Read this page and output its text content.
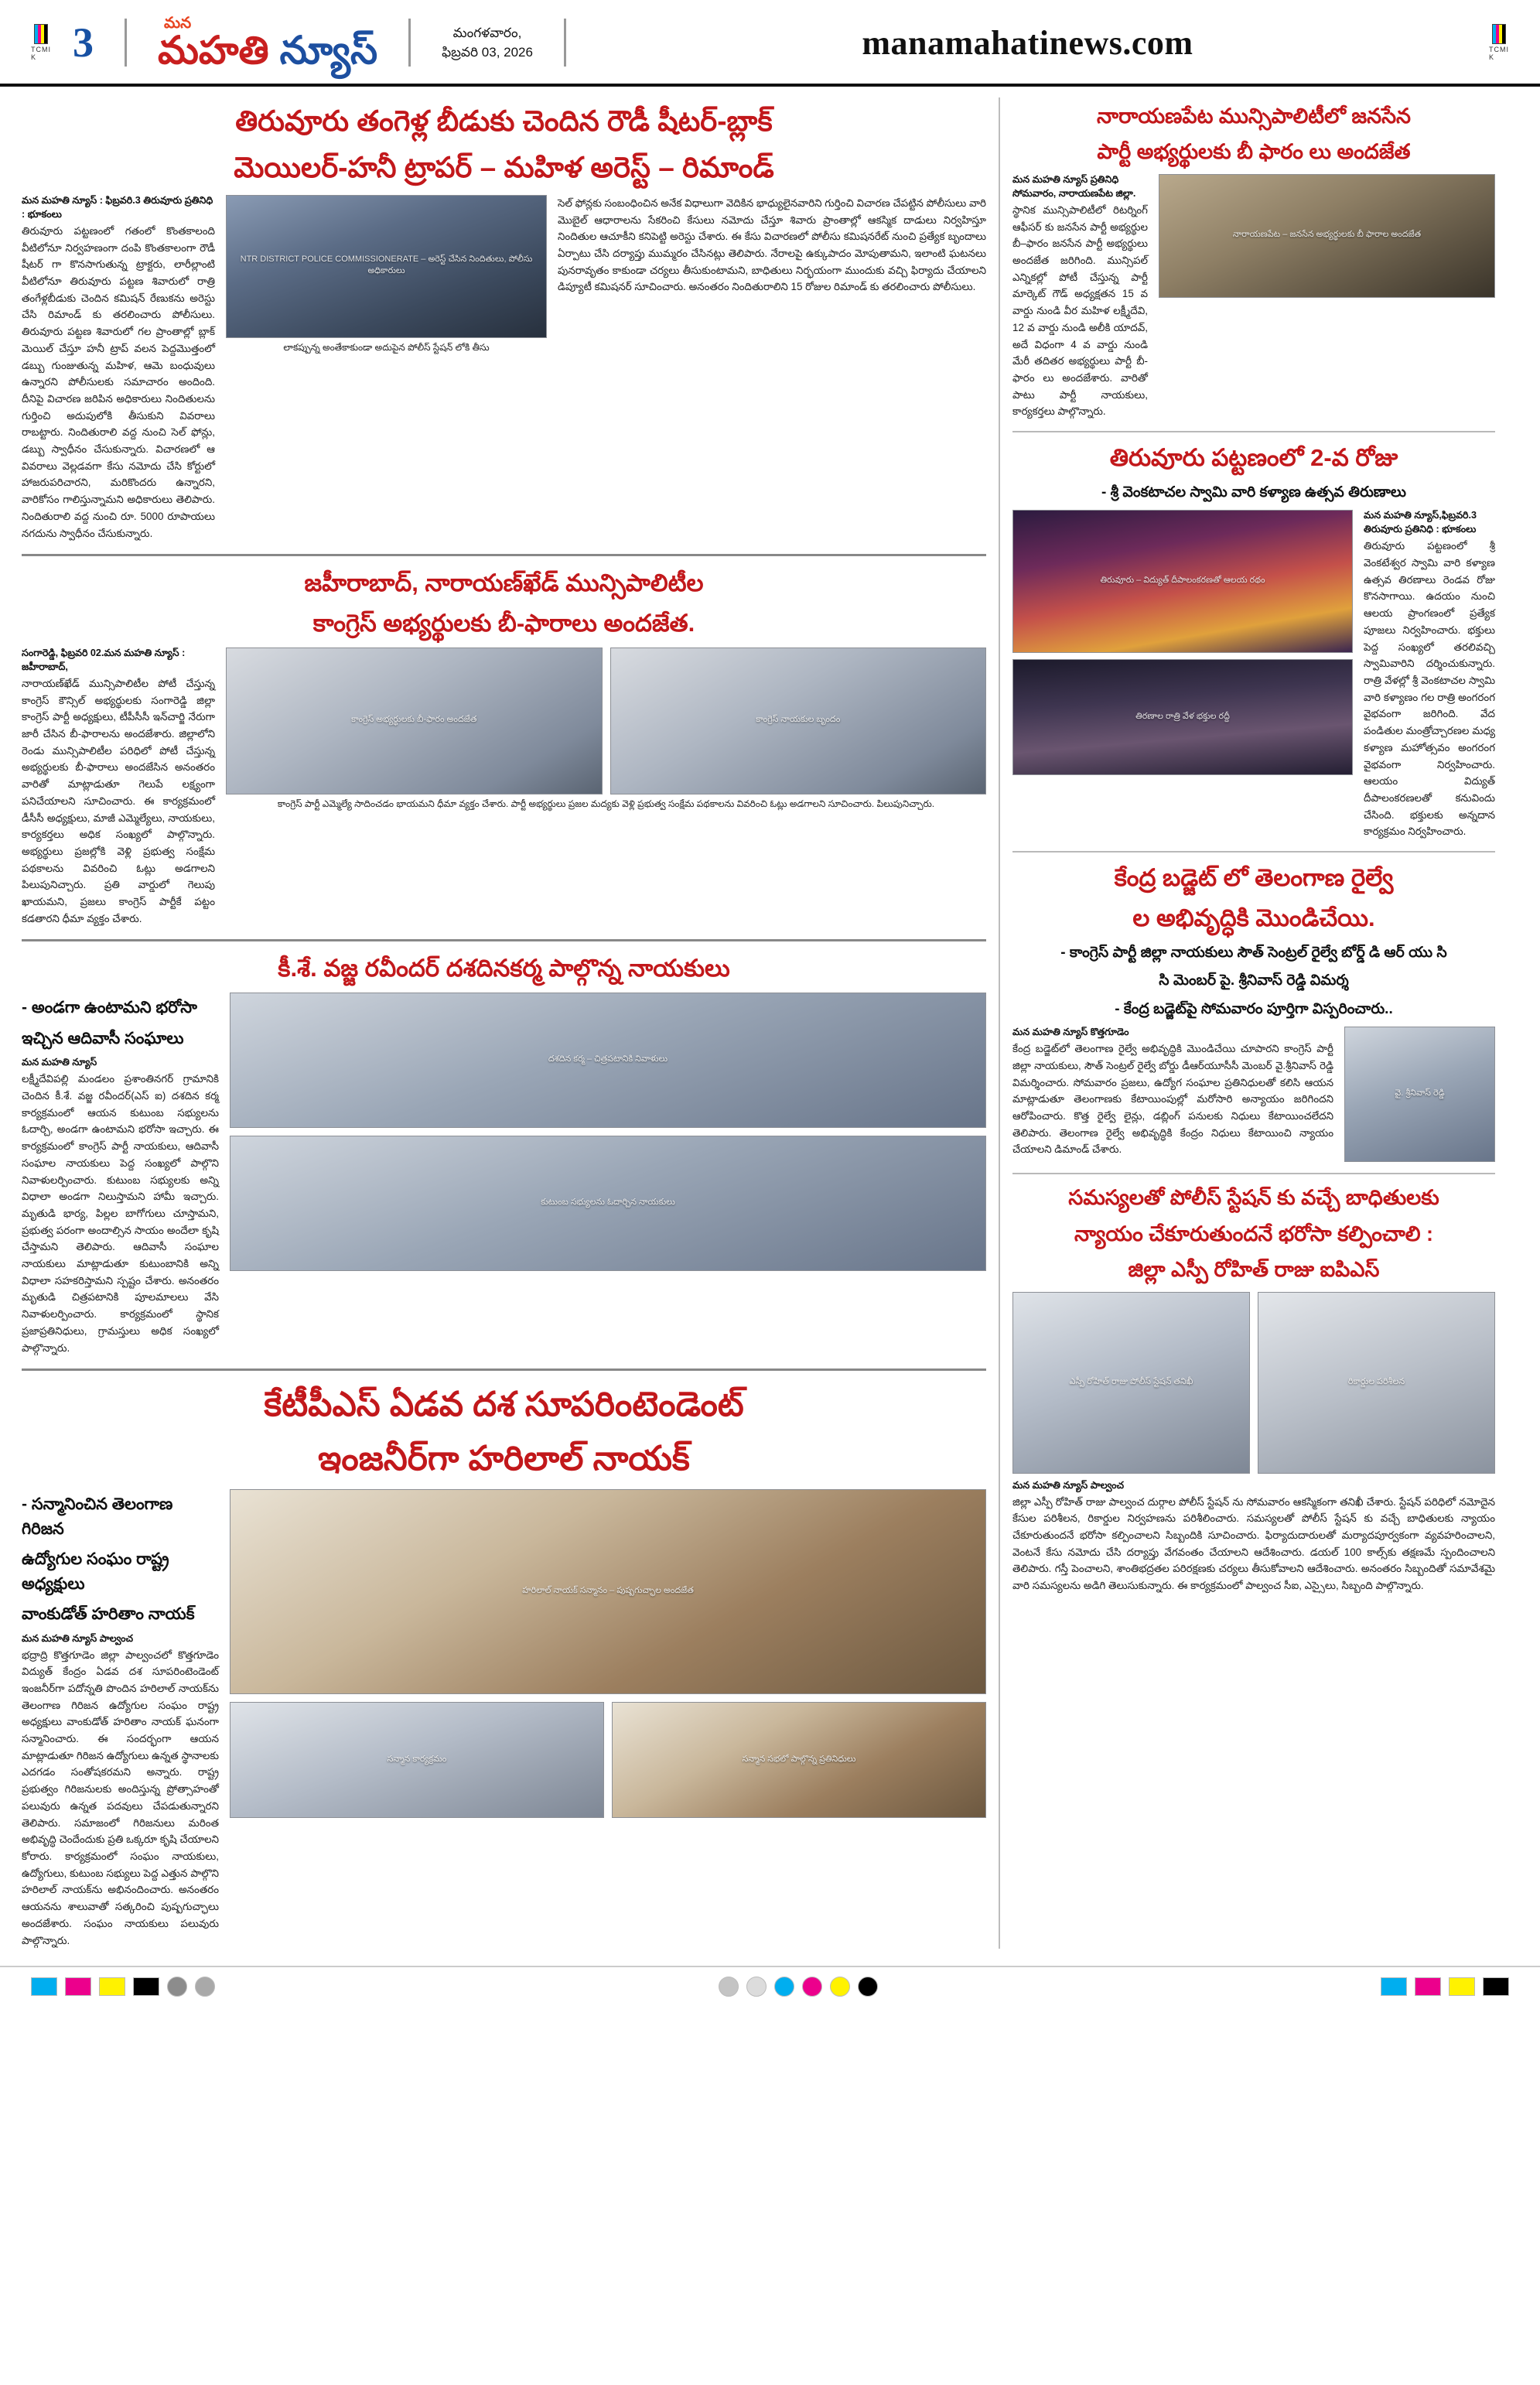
TCMI K 3	మన
మహతి న్యూస్	మంగళవారం,
ఫిబ్రవరి 03, 2026	manamahatinews.com	TCMI K
తిరువూరు తంగెళ్ల బీడుకు చెందిన రౌడీ షీటర్-బ్లాక్
మెయిలర్-హనీ ట్రాపర్ – మహిళ అరెస్ట్ – రిమాండ్
మన మహతి న్యూస్ : ఫిబ్రవరి.3 తిరువూరు ప్రతినిధి : భూకంలు
తిరువూరు పట్టణంలో గతంలో కొంతకాలంది వీటిలోనూ నిర్వహణంగా దంపి కొంతకాలంగా రౌడీ షీటర్ గా కొనసాగుతున్న ట్రాక్టరు, లారీల్లాంటి వీటిలోనూ తిరువూరు పట్టణ శివారులో రాత్రి తంగేళ్లబీడుకు చెందిన కమిషన్ రేణుకను అరెస్టు చేసి రిమాండ్ కు తరలించారు పోలీసులు. తిరువూరు పట్టణ శివారులో గల ప్రాంతాల్లో బ్లాక్ మెయిల్ చేస్తూ హనీ ట్రాప్ వలన పెద్దమొత్తంలో డబ్బు గుంజుతున్న మహిళ, ఆమె బంధువులు ఉన్నారని పోలీసులకు సమాచారం అందింది. దీనిపై విచారణ జరిపిన అధికారులు నిందితులను గుర్తించి అదుపులోకి తీసుకుని వివరాలు రాబట్టారు. నిందితురాలి వద్ద నుంచి సెల్ ఫోన్లు, డబ్బు స్వాధీనం చేసుకున్నారు. విచారణలో ఆ వివరాలు వెల్లడవగా కేసు నమోదు చేసి కోర్టులో హాజరుపరిచారని, మరికొందరు ఉన్నారని, వారికోసం గాలిస్తున్నామని అధికారులు తెలిపారు. నిందితురాలి వద్ద నుంచి రూ. 5000 రూపాయలు నగదును స్వాధీనం చేసుకున్నారు.
NTR DISTRICT POLICE COMMISSIONERATE – అరెస్ట్ చేసిన నిందితులు, పోలీసు అధికారులు
లాకప్పున్న అంతేకాకుండా అదుపైన పోలీస్ స్టేషన్ లోకి తీసు
సెల్ ఫోన్లకు సంబంధించిన అనేక విధాలుగా వెదికిన భాధ్యులైనవారిని గుర్తించి విచారణ చేపట్టిన పోలీసులు వారి మొబైల్ ఆధారాలను సేకరించి కేసులు నమోదు చేస్తూ శివారు ప్రాంతాల్లో ఆకస్మిక దాడులు నిర్వహిస్తూ నిందితుల ఆచూకీని కనిపెట్టి అరెస్టు చేశారు. ఈ కేసు విచారణలో పోలీసు కమిషనరేట్ నుంచి ప్రత్యేక బృందాలు ఏర్పాటు చేసి దర్యాప్తు ముమ్మరం చేసినట్లు తెలిపారు. నేరాలపై ఉక్కుపాదం మోపుతామని, ఇలాంటి ఘటనలు పునరావృతం కాకుండా చర్యలు తీసుకుంటామని, బాధితులు నిర్భయంగా ముందుకు వచ్చి ఫిర్యాదు చేయాలని డిప్యూటీ కమిషనర్ సూచించారు. అనంతరం నిందితురాలిని 15 రోజుల రిమాండ్ కు తరలించారు పోలీసులు.
జహీరాబాద్, నారాయణ్‌ఖేడ్ మున్సిపాలిటీల
కాంగ్రెస్ అభ్యర్థులకు బీ-ఫారాలు అందజేత.
సంగారెడ్డి, ఫిబ్రవరి 02.మన మహతి న్యూస్ : జహీరాబాద్,
నారాయణ్‌ఖేడ్ మున్సిపాలిటీల పోటీ చేస్తున్న కాంగ్రెస్ కౌన్సిల్ అభ్యర్థులకు సంగారెడ్డి జిల్లా కాంగ్రెస్ పార్టీ అధ్యక్షులు, టీపీసీసీ ఇన్‌చార్జి నేరుగా జారీ చేసిన బీ-ఫారాలను అందజేశారు. జిల్లాలోని రెండు మున్సిపాలిటీల పరిధిలో పోటీ చేస్తున్న అభ్యర్థులకు బీ-ఫారాలు అందజేసిన అనంతరం వారితో మాట్లాడుతూ గెలుపే లక్ష్యంగా పనిచేయాలని సూచించారు. ఈ కార్యక్రమంలో డీసీసీ అధ్యక్షులు, మాజీ ఎమ్మెల్యేలు, నాయకులు, కార్యకర్తలు అధిక సంఖ్యలో పాల్గొన్నారు. అభ్యర్థులు ప్రజల్లోకి వెళ్లి ప్రభుత్వ సంక్షేమ పథకాలను వివరించి ఓట్లు అడగాలని పిలుపునిచ్చారు. ప్రతి వార్డులో గెలుపు ఖాయమని, ప్రజలు కాంగ్రెస్ పార్టీకే పట్టం కడతారని ధీమా వ్యక్తం చేశారు.
కాంగ్రెస్ అభ్యర్థులకు బీ-ఫారం అందజేత	కాంగ్రెస్ నాయకుల బృందం
కాంగ్రెస్ పార్టీ ఎమ్మెల్యే సాదించడం భాయమని ధీమా వ్యక్తం చేశారు. పార్టీ అభ్యర్థులు ప్రజల మద్యకు వెళ్లి ప్రభుత్వ సంక్షేమ పథకాలను వివరించి ఓట్లు అడగాలని సూచించారు. పిలుపునిచ్చారు.
కీ.శే. వజ్జ రవీందర్ దశదినకర్మ పాల్గొన్న నాయకులు
- అండగా ఉంటామని భరోసా
ఇచ్చిన ఆదివాసీ సంఘాలు
మన మహతి న్యూస్
లక్ష్మీదేవిపల్లి మండలం ప్రశాంతినగర్ గ్రామానికి చెందిన కీ.శే. వజ్జ రవీందర్(ఎస్ ఐ) దశదిన కర్మ కార్యక్రమంలో ఆయన కుటుంబ సభ్యులను ఓదార్చి, అండగా ఉంటామని భరోసా ఇచ్చారు. ఈ కార్యక్రమంలో కాంగ్రెస్ పార్టీ నాయకులు, ఆదివాసీ సంఘాల నాయకులు పెద్ద సంఖ్యలో పాల్గొని నివాళులర్పించారు. కుటుంబ సభ్యులకు అన్ని విధాలా అండగా నిలుస్తామని హామీ ఇచ్చారు. మృతుడి భార్య, పిల్లల బాగోగులు చూస్తామని, ప్రభుత్వ పరంగా అందాల్సిన సాయం అందేలా కృషి చేస్తామని తెలిపారు. ఆదివాసీ సంఘాల నాయకులు మాట్లాడుతూ కుటుంబానికి అన్ని విధాలా సహకరిస్తామని స్పష్టం చేశారు. అనంతరం మృతుడి చిత్రపటానికి పూలమాలలు వేసి నివాళులర్పించారు. కార్యక్రమంలో స్థానిక ప్రజాప్రతినిధులు, గ్రామస్తులు అధిక సంఖ్యలో పాల్గొన్నారు.
దశదిన కర్మ – చిత్రపటానికి నివాళులు
కుటుంబ సభ్యులను ఓదార్చిన నాయకులు
కేటీపీఎస్ ఏడవ దశ సూపరింటెండెంట్
ఇంజనీర్‌గా హరిలాల్ నాయక్
- సన్మానించిన తెలంగాణ గిరిజన
ఉద్యోగుల సంఘం రాష్ట్ర అధ్యక్షులు
వాంకుడోత్ హరితాం నాయక్
మన మహతి న్యూస్ పాల్వంచ
భద్రాద్రి కొత్తగూడెం జిల్లా పాల్వంచలో కొత్తగూడెం విద్యుత్ కేంద్రం ఏడవ దశ సూపరింటెండెంట్ ఇంజనీర్‌గా పదోన్నతి పొందిన హరిలాల్ నాయక్‌ను తెలంగాణ గిరిజన ఉద్యోగుల సంఘం రాష్ట్ర అధ్యక్షులు వాంకుడోత్ హరితాం నాయక్ ఘనంగా సన్మానించారు. ఈ సందర్భంగా ఆయన మాట్లాడుతూ గిరిజన ఉద్యోగులు ఉన్నత స్థానాలకు ఎదగడం సంతోషకరమని అన్నారు. రాష్ట్ర ప్రభుత్వం గిరిజనులకు అందిస్తున్న ప్రోత్సాహంతో పలువురు ఉన్నత పదవులు చేపడుతున్నారని తెలిపారు. సమాజంలో గిరిజనులు మరింత అభివృద్ధి చెందేందుకు ప్రతి ఒక్కరూ కృషి చేయాలని కోరారు. కార్యక్రమంలో సంఘం నాయకులు, ఉద్యోగులు, కుటుంబ సభ్యులు పెద్ద ఎత్తున పాల్గొని హరిలాల్ నాయక్‌ను అభినందించారు. అనంతరం ఆయనను శాలువాతో సత్కరించి పుష్పగుచ్ఛాలు అందజేశారు. సంఘం నాయకులు పలువురు పాల్గొన్నారు.
హరిలాల్ నాయక్ సన్మానం – పుష్పగుచ్ఛాల అందజేత
సన్మాన కార్యక్రమం	సన్మాన సభలో పాల్గొన్న ప్రతినిధులు
నారాయణపేట మున్సిపాలిటీలో జనసేన
పార్టీ అభ్యర్థులకు బీ ఫారం లు అందజేత
మన మహతి న్యూస్ ప్రతినిధి సోమవారం, నారాయణపేట జిల్లా.
స్థానిక మున్సిపాలిటీలో రిటర్నింగ్ ఆఫీసర్ కు జనసేన పార్టీ అభ్యర్థుల బీ–ఫారం జనసేన పార్టీ అభ్యర్థులు అందజేత జరిగింది. మున్సిపల్ ఎన్నికల్లో పోటీ చేస్తున్న పార్టీ మార్కెట్ గౌడ్ అధ్యక్షతన 15 వ వార్డు నుండి వీర మహిళ లక్ష్మీదేవి, 12 వ వార్డు నుండి అలీకి యాదవ్, అదే విధంగా 4 వ వార్డు నుండి మేరీ తదితర అభ్యర్థులు పార్టీ బీ-ఫారం లు అందజేశారు. వారితో పాటు పార్టీ నాయకులు, కార్యకర్తలు పాల్గొన్నారు.
నారాయణపేట – జనసేన అభ్యర్థులకు బీ ఫారాల అందజేత
తిరువూరు పట్టణంలో 2-వ రోజు
- శ్రీ వెంకటాచల స్వామి వారి కళ్యాణ ఉత్సవ తిరుణాలు
తిరువూరు – విద్యుత్ దీపాలంకరణతో ఆలయ రథం
తిరణాల రాత్రి వేళ భక్తుల రద్దీ
మన మహతి న్యూస్,ఫిబ్రవరి.3 తిరువూరు ప్రతినిధి : భూకంలు
తిరువూరు పట్టణంలో శ్రీ వెంకటేశ్వర స్వామి వారి కళ్యాణ ఉత్సవ తిరణాలు రెండవ రోజు కొనసాగాయి. ఉదయం నుంచి ఆలయ ప్రాంగణంలో ప్రత్యేక పూజలు నిర్వహించారు. భక్తులు పెద్ద సంఖ్యలో తరలివచ్చి స్వామివారిని దర్శించుకున్నారు. రాత్రి వేళల్లో శ్రీ వెంకటాచల స్వామి వారి కళ్యాణం గల రాత్రి అంగరంగ వైభవంగా జరిగింది. వేద పండితుల మంత్రోచ్చారణల మధ్య కళ్యాణ మహోత్సవం అంగరంగ వైభవంగా నిర్వహించారు. ఆలయం విద్యుత్ దీపాలంకరణలతో కనువిందు చేసింది. భక్తులకు అన్నదాన కార్యక్రమం నిర్వహించారు.
కేంద్ర బడ్జెట్ లో తెలంగాణ రైల్వే
ల అభివృద్ధికి మొండిచేయి.
- కాంగ్రెస్ పార్టీ జిల్లా నాయకులు సౌత్ సెంట్రల్ రైల్వే బోర్డ్ డి ఆర్ యు సి
సి మెంబర్ పై. శ్రీనివాస్ రెడ్డి విమర్శ
- కేంద్ర బడ్జెట్‌పై సోమవారం పూర్తిగా విస్పరించారు..
మన మహతి న్యూస్ కొత్తగూడెం
కేంద్ర బడ్జెట్‌లో తెలంగాణ రైల్వే అభివృద్ధికి మొండిచేయి చూపారని కాంగ్రెస్ పార్టీ జిల్లా నాయకులు, సౌత్ సెంట్రల్ రైల్వే బోర్డు డీఆర్‌యూసీసీ మెంబర్ వై.శ్రీనివాస్ రెడ్డి విమర్శించారు. సోమవారం ప్రజలు, ఉద్యోగ సంఘాల ప్రతినిధులతో కలిసి ఆయన మాట్లాడుతూ తెలంగాణకు కేటాయింపుల్లో మరోసారి అన్యాయం జరిగిందని ఆరోపించారు. కొత్త రైల్వే లైన్లు, డబ్లింగ్ పనులకు నిధులు కేటాయించలేదని తెలిపారు. తెలంగాణ రైల్వే అభివృద్ధికి కేంద్రం నిధులు కేటాయించి న్యాయం చేయాలని డిమాండ్ చేశారు.
వై. శ్రీనివాస్ రెడ్డి
సమస్యలతో పోలీస్ స్టేషన్ కు వచ్చే బాధితులకు
న్యాయం చేకూరుతుందనే భరోసా కల్పించాలి :
జిల్లా ఎస్పీ రోహిత్ రాజు ఐపిఎస్
ఎస్పీ రోహిత్ రాజు పోలీస్ స్టేషన్ తనిఖీ	రికార్డుల పరిశీలన
మన మహతి న్యూస్ పాల్వంచ
జిల్లా ఎస్పీ రోహిత్ రాజు పాల్వంచ దుర్గాల పోలీస్ స్టేషన్ ను సోమవారం ఆకస్మికంగా తనిఖీ చేశారు. స్టేషన్ పరిధిలో నమోదైన కేసుల పరిశీలన, రికార్డుల నిర్వహణను పరిశీలించారు. సమస్యలతో పోలీస్ స్టేషన్ కు వచ్చే బాధితులకు న్యాయం చేకూరుతుందనే భరోసా కల్పించాలని సిబ్బందికి సూచించారు. ఫిర్యాదుదారులతో మర్యాదపూర్వకంగా వ్యవహరించాలని, వెంటనే కేసు నమోదు చేసి దర్యాప్తు వేగవంతం చేయాలని ఆదేశించారు. డయల్ 100 కాల్స్‌కు తక్షణమే స్పందించాలని తెలిపారు. గస్తీ పెంచాలని, శాంతిభద్రతల పరిరక్షణకు చర్యలు తీసుకోవాలని ఆదేశించారు. అనంతరం సిబ్బందితో సమావేశమై వారి సమస్యలను అడిగి తెలుసుకున్నారు. ఈ కార్యక్రమంలో పాల్వంచ సీఐ, ఎస్సైలు, సిబ్బంది పాల్గొన్నారు.
